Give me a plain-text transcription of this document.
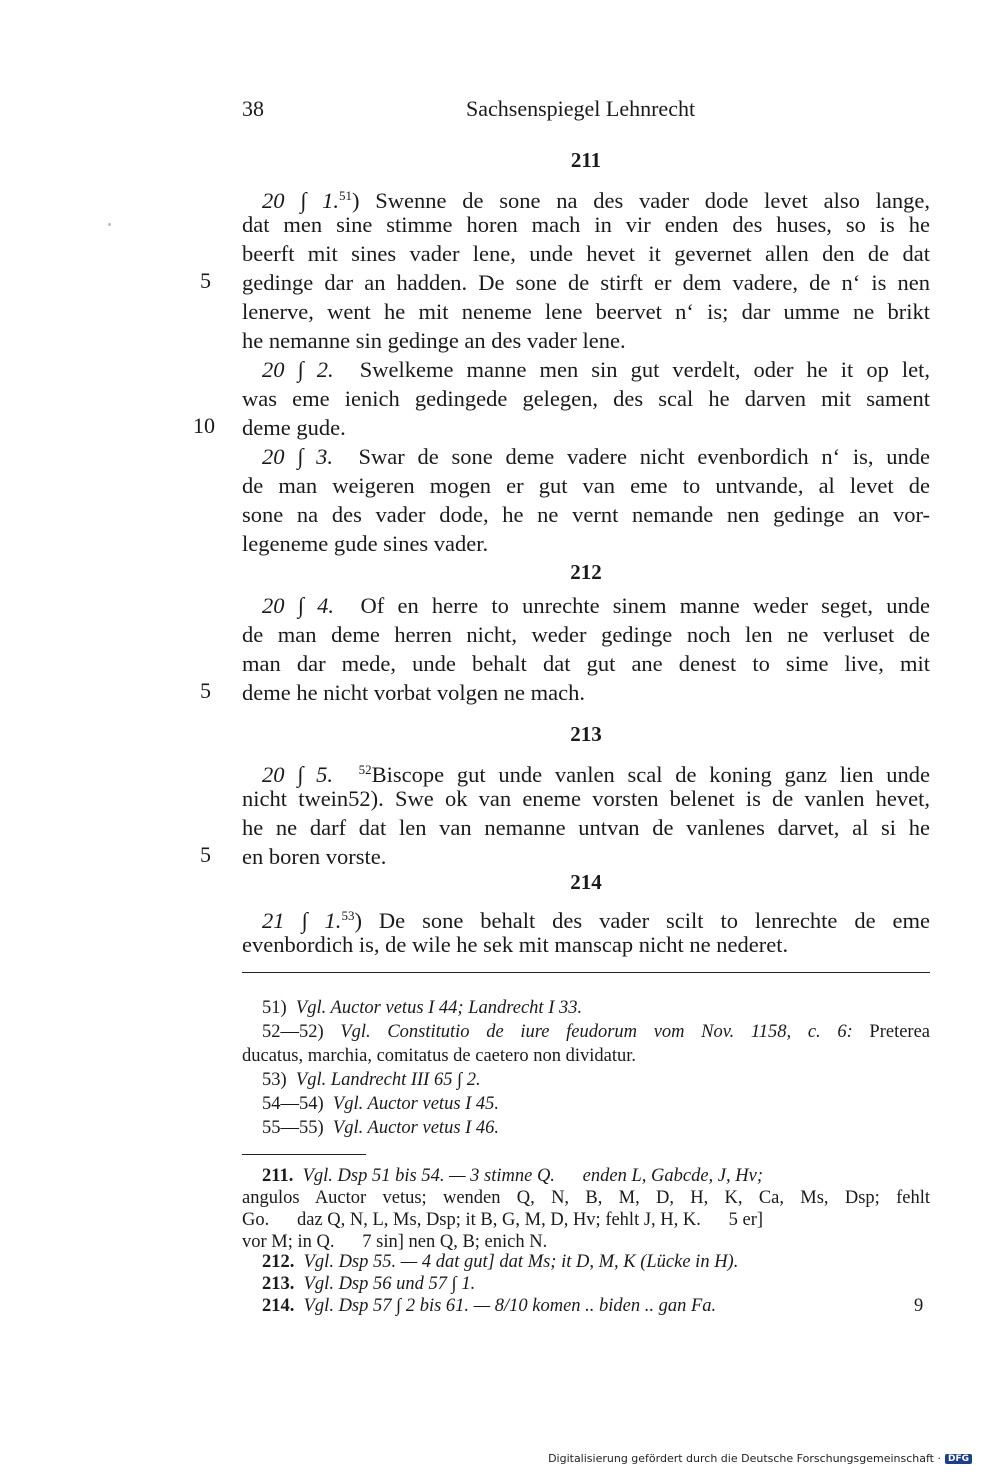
38	Sachsenspiegel Lehnrecht
211
20 ∫ 1.51) Swenne de sone na des vader dode levet also lange,
dat men sine stimme horen mach in vir enden des huses, so is he
beerft mit sines vader lene, unde hevet it gevernet allen den de dat
gedinge dar an hadden. De sone de stirft er dem vadere, de n‘ is nen
5
lenerve, went he mit neneme lene beervet n‘ is; dar umme ne brikt
he nemanne sin gedinge an des vader lene.
20 ∫ 2. Swelkeme manne men sin gut verdelt, oder he it op let,
was eme ienich gedingede gelegen, des scal he darven mit sament
deme gude.
10
20 ∫ 3. Swar de sone deme vadere nicht evenbordich n‘ is, unde
de man weigeren mogen er gut van eme to untvande, al levet de
sone na des vader dode, he ne vernt nemande nen gedinge an vor-
legeneme gude sines vader.
212
20 ∫ 4. Of en herre to unrechte sinem manne weder seget, unde
de man deme herren nicht, weder gedinge noch len ne verluset de
man dar mede, unde behalt dat gut ane denest to sime live, mit
deme he nicht vorbat volgen ne mach.
5
213
20 ∫ 5. $^{52}$Biscope gut unde vanlen scal de koning ganz lien unde
nicht twein52). Swe ok van eneme vorsten belenet is de vanlen hevet,
he ne darf dat len van nemanne untvan de vanlenes darvet, al si he
en boren vorste.
5
214
21 ∫ 1.53) De sone behalt des vader scilt to lenrechte de eme
evenbordich is, de wile he sek mit manscap nicht ne nederet.
51) Vgl. Auctor vetus I 44; Landrecht I 33.
52—52) Vgl. Constitutio de iure feudorum vom Nov. 1158, c. 6: Preterea
ducatus, marchia, comitatus de caetero non dividatur.
53) Vgl. Landrecht III 65 ∫ 2.
54—54) Vgl. Auctor vetus I 45.
55—55) Vgl. Auctor vetus I 46.
211. Vgl. Dsp 51 bis 54. — 3 stimne Q.      enden L, Gabcde, J, Hv;
angulos Auctor vetus; wenden Q, N, B, M, D, H, K, Ca, Ms, Dsp; fehlt
Go.      daz Q, N, L, Ms, Dsp; it B, G, M, D, Hv; fehlt J, H, K.      5 er]
vor M; in Q.      7 sin] nen Q, B; enich N.
212. Vgl. Dsp 55. — 4 dat gut] dat Ms; it D, M, K (Lücke in H).
213. Vgl. Dsp 56 und 57 ∫ 1.
214. Vgl. Dsp 57 ∫ 2 bis 61. — 8/10 komen .. biden .. gan Fa.	9
Digitalisierung gefördert durch die Deutsche Forschungsgemeinschaft · DFG
